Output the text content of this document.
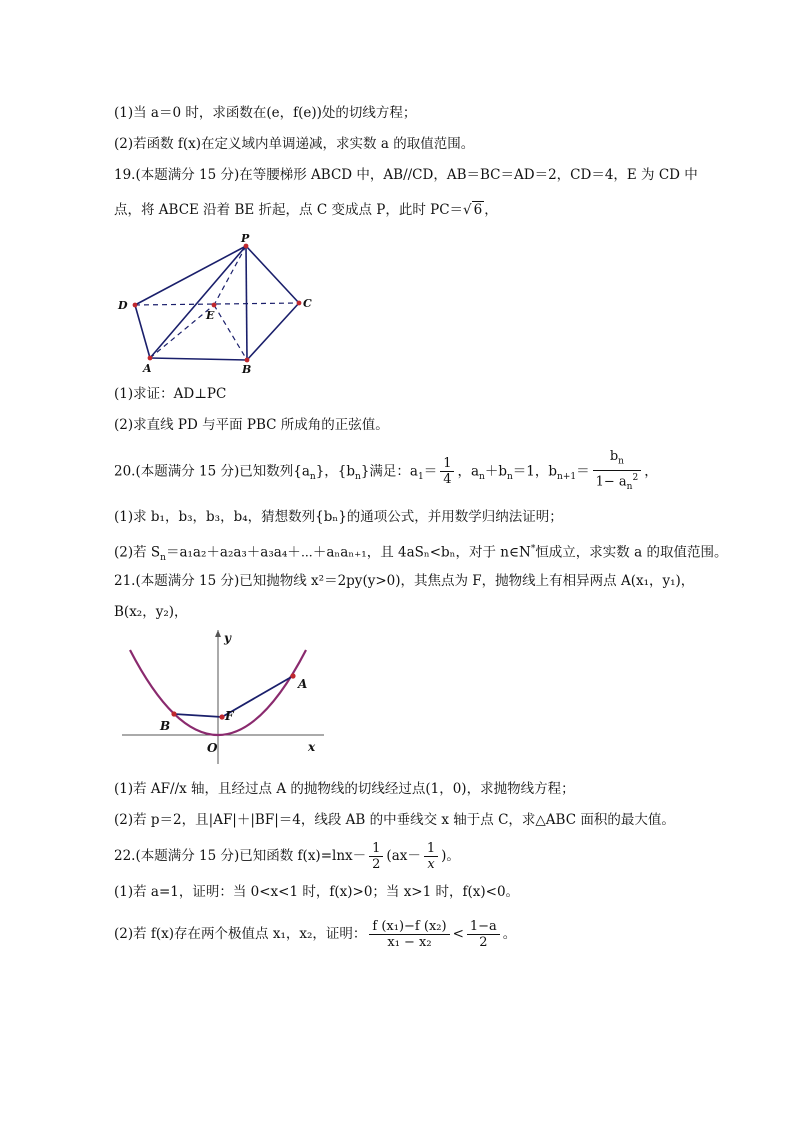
(1)当 a＝0 时，求函数在(e，f(e))处的切线方程；
(2)若函数 f(x)在定义域内单调递减，求实数 a 的取值范围。
19.(本题满分 15 分)在等腰梯形 ABCD 中，AB//CD，AB＝BC＝AD＝2，CD＝4，E 为 CD 中
点，将 ABCE 沿着 BE 折起，点 C 变成点 P，此时 PC＝√ 6 ，
P
D	C
E
A	B
(1)求证：AD⊥PC
(2)求直线 PD 与平面 PBC 所成角的正弦值。
20.(本题满分 15 分)已知数列$\{a_n\}$，$\{b_n\}$满足：$a_1= \frac{1}{4}$ ，$a_n+b_n=1$，$b_{n+1}= \frac{b_n}{1- a_n^2}$ ，
(1)求 b₁，b₃，b₃，b₄，猜想数列{bₙ}的通项公式，并用数学归纳法证明；
(2)若 $S_n=a_1a_2+a_2a_3+a_3a_4+\cdots+a_na_{n+1}$，且 4aSₙ<bₙ，对于 n∈N*恒成立，求实数 a 的取值范围。
21.(本题满分 15 分)已知抛物线 x²＝2py(y>0)，其焦点为 F，抛物线上有相异两点 A(x₁，y₁)，
B(x₂，y₂)，
y
x
A
B
F
O
(1)若 AF//x 轴，且经过点 A 的抛物线的切线经过点(1，0)，求抛物线方程；
(2)若 p＝2，且|AF|＋|BF|＝4，线段 AB 的中垂线交 x 轴于点 C，求△ABC 面积的最大值。
22.(本题满分 15 分)已知函数 $f(x)=\ln x- \frac{1}{2} (ax- \frac{1}{x}$ )。
(1)若 a=1，证明：当 0<x<1 时，f(x)>0；当 x>1 时，f(x)<0。
(2)若 f(x)存在两个极值点 x₁，x₂，证明： $\frac{\text{f (x₁)−f (x₂)}}{\text{x₁ − x₂}} < \frac{1-a}{2}$ 。
